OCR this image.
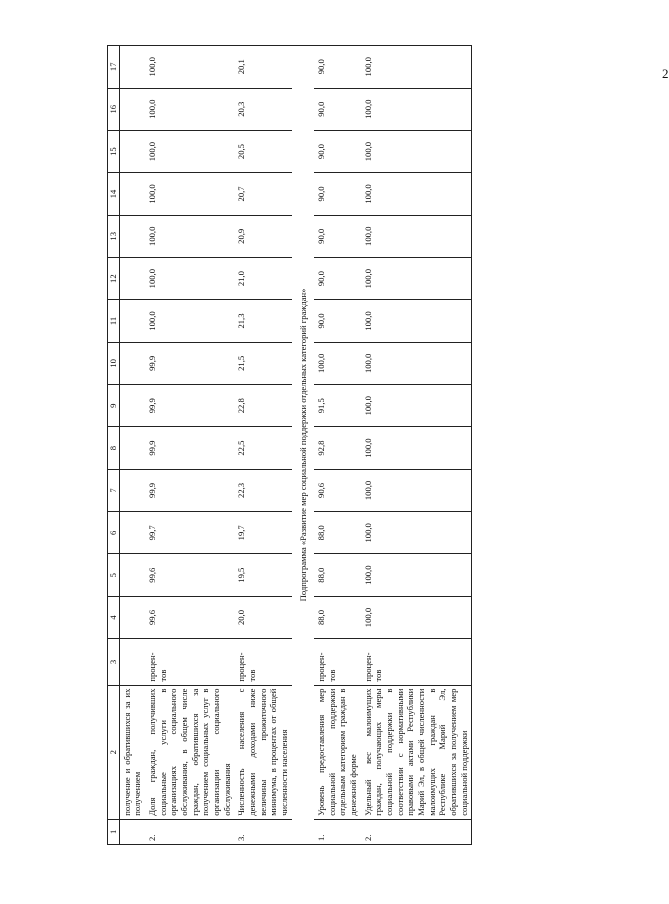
2
1	2	3	4	5	6	7	8	9	10	11	12	13	14	15	16	17
	получение и обратившихся за их получением															
2.	Доля граждан, получивших социальные услуги в организациях социального обслуживания, в общем числе граждан, обратившихся за получением социальных услуг в организации социального обслуживания	процен-тов	99,6	99,6	99,7	99,9	99,9	99,9	99,9	100,0	100,0	100,0	100,0	100,0	100,0	100,0
3.	Численность населения с денежными доходами ниже величины прожиточного минимума, в процентах от общей численности населения	процен-тов	20,0	19,5	19,7	22,3	22,5	22,8	21,5	21,3	21,0	20,9	20,7	20,5	20,3	20,1
Подпрограмма «Развитие мер социальной поддержки отдельных категорий граждан»																
1.	Уровень предоставления мер социальной поддержки отдельным категориям граждан в денежной форме	процен-тов	88,0	88,0	88,0	90,6	92,8	91,5	100,0	90,0	90,0	90,0	90,0	90,0	90,0	90,0
2.	Удельный вес малоимущих граждан, получающих меры социальной поддержки в соответствии с нормативными правовыми актами Республики Марий Эл, в общей численности малоимущих граждан в Республике Марий Эл, обратившихся за получением мер социальной поддержки	процен-тов	100,0	100,0	100,0	100,0	100,0	100,0	100,0	100,0	100,0	100,0	100,0	100,0	100,0	100,0
